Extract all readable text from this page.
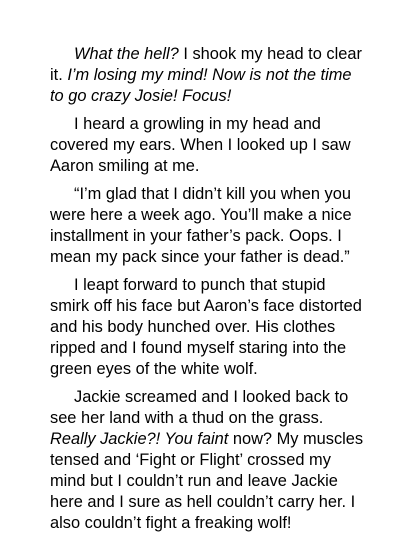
What the hell? I shook my head to clear it. I’m losing my mind! Now is not the time to go crazy Josie! Focus!

I heard a growling in my head and covered my ears. When I looked up I saw Aaron smiling at me.

“I’m glad that I didn’t kill you when you were here a week ago. You’ll make a nice installment in your father’s pack. Oops. I mean my pack since your father is dead.”

I leapt forward to punch that stupid smirk off his face but Aaron’s face distorted and his body hunched over. His clothes ripped and I found myself staring into the green eyes of the white wolf.

Jackie screamed and I looked back to see her land with a thud on the grass. Really Jackie?! You faint now? My muscles tensed and ‘Fight or Flight’ crossed my mind but I couldn’t run and leave Jackie here and I sure as hell couldn’t carry her. I also couldn’t fight a freaking wolf!
